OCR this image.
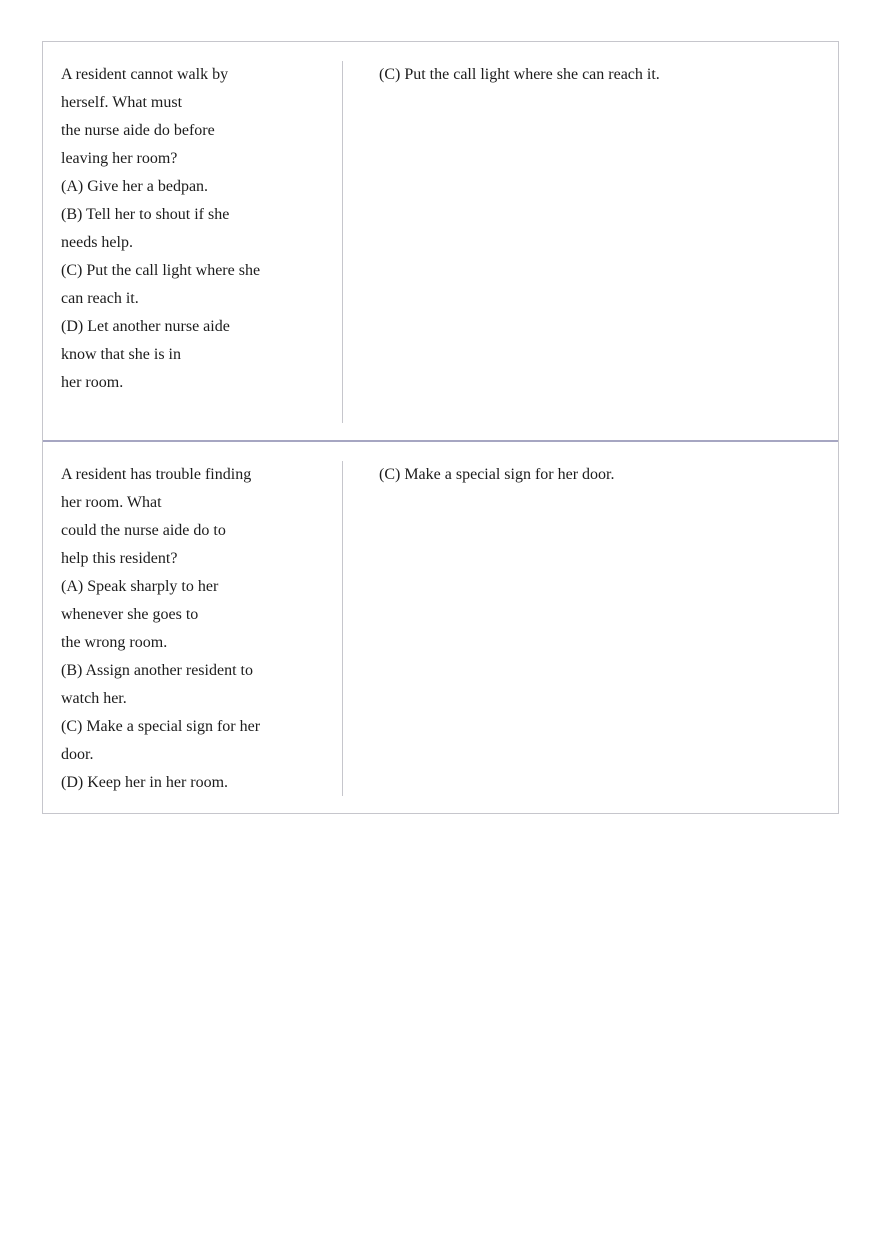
A resident cannot walk by
herself. What must
the nurse aide do before
leaving her room?
(A) Give her a bedpan.
(B) Tell her to shout if she
needs help.
(C) Put the call light where she
can reach it.
(D) Let another nurse aide
know that she is in
her room.
(C) Put the call light where she can reach it.
A resident has trouble finding
her room. What
could the nurse aide do to
help this resident?
(A) Speak sharply to her
whenever she goes to
the wrong room.
(B) Assign another resident to
watch her.
(C) Make a special sign for her
door.
(D) Keep her in her room.
(C) Make a special sign for her door.
